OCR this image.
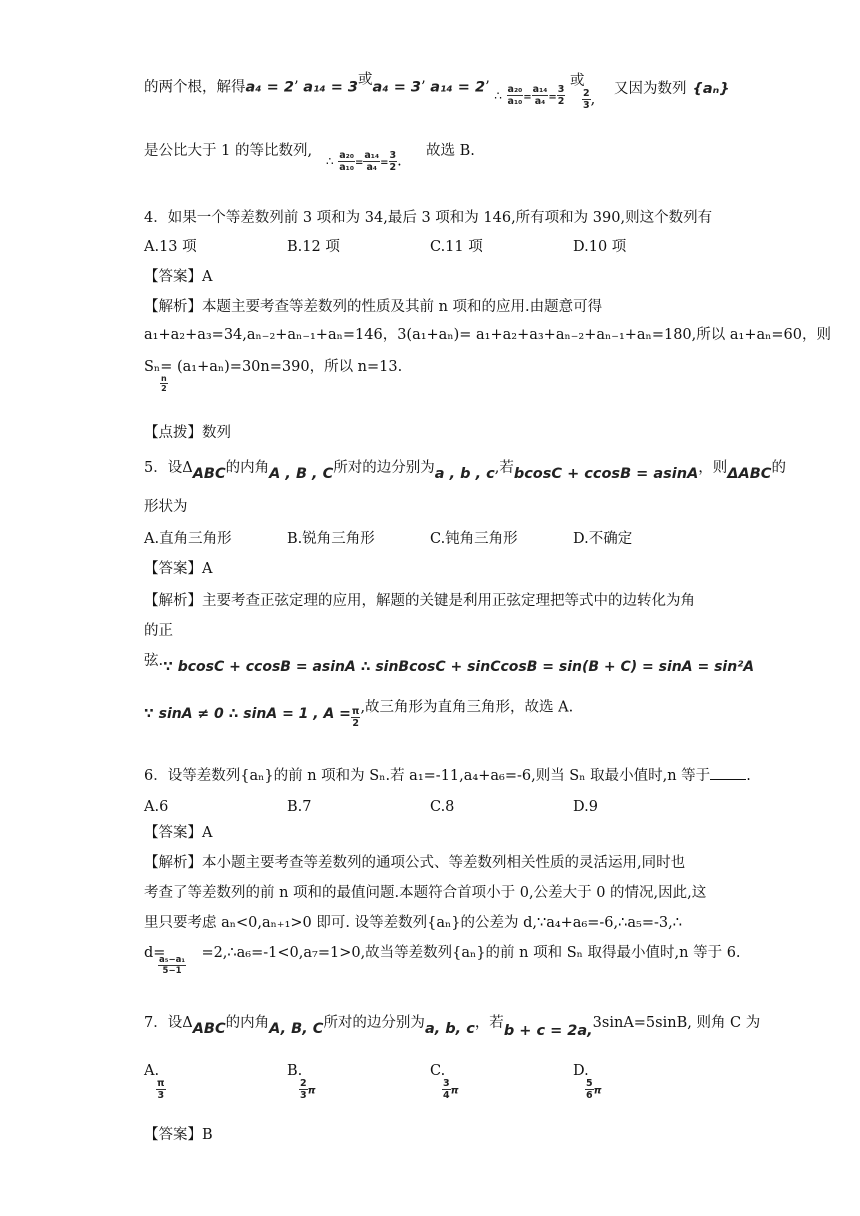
的两个根，解得a₄ = 2’ a₁₄ = 3或a₄ = 3’ a₁₄ = 2’ $_\therefore \frac{\text{a₂₀}}{\text{a₁₀}} _= \frac{\text{a₁₄}}{\text{a₄}} _= \frac{3}{2}$
或
$\frac{2}{3}$ ,
又因为数列 {aₙ}
是公比大于 1 的等比数列,
∴ $\frac{\text{a₂₀}}{\text{a₁₀}} = \frac{\text{a₁₄}}{\text{a₄}} = \frac{3}{2}$ .
故选 B.
4．如果一个等差数列前 3 项和为 34,最后 3 项和为 146,所有项和为 390,则这个数列有
A.13 项	B.12 项	C.11 项	D.10 项
【答案】A
【解析】本题主要考查等差数列的性质及其前 n 项和的应用.由题意可得
a₁+a₂+a₃=34,aₙ₋₂+aₙ₋₁+aₙ=146，3(a₁+aₙ)= a₁+a₂+a₃+aₙ₋₂+aₙ₋₁+aₙ=180,所以 a₁+aₙ=60，则
Sₙ= (a₁+aₙ)=30n=390，所以 n=13.
$\frac{n}{2}$
【点拨】数列
5．设ΔABC的内角A , B , C所对的边分别为a , b , c,若bcosC + ccosB = asinA，则ΔABC的
形状为
A.直角三角形	B.锐角三角形	C.钝角三角形	D.不确定
【答案】A
【解析】主要考查正弦定理的应用，解题的关键是利用正弦定理把等式中的边转化为角
的正
弦.∵ bcosC + ccosB = asinA ∴ sinBcosC + sinCcosB = sin(B + C) = sinA = sin²A
∵ sinA ≠ 0 ∴ sinA = 1 , $A = \frac{\pi}{2}$ ,故三角形为直角三角形，故选 A.
6．设等差数列{aₙ}的前 n 项和为 Sₙ.若 a₁=-11,a₄+a₆=-6,则当 Sₙ 取最小值时,n 等于 .
A.6	B.7	C.8	D.9
【答案】A
【解析】本小题主要考查等差数列的通项公式、等差数列相关性质的灵活运用,同时也
考查了等差数列的前 n 项和的最值问题.本题符合首项小于 0,公差大于 0 的情况,因此,这
里只要考虑 aₙ<0,aₙ₊₁>0 即可. 设等差数列{aₙ}的公差为 d,∵a₄+a₆=-6,∴a₅=-3,∴
d= =2,∴a₆=-1<0,a₇=1>0,故当等差数列{aₙ}的前 n 项和 Sₙ 取得最小值时,n 等于 6.
$\frac{\text{a₅−a₁}}{5-1}$
7．设ΔABC的内角A, B, C所对的边分别为a, b, c，若b + c = 2a,3sinA=5sinB, 则角 C 为
A.
$\frac{\pi}{3}$
B.
$\frac{2}{3}$ π
C.
$\frac{3}{4}$ π
D.
$\frac{5}{6}$ π
【答案】B
